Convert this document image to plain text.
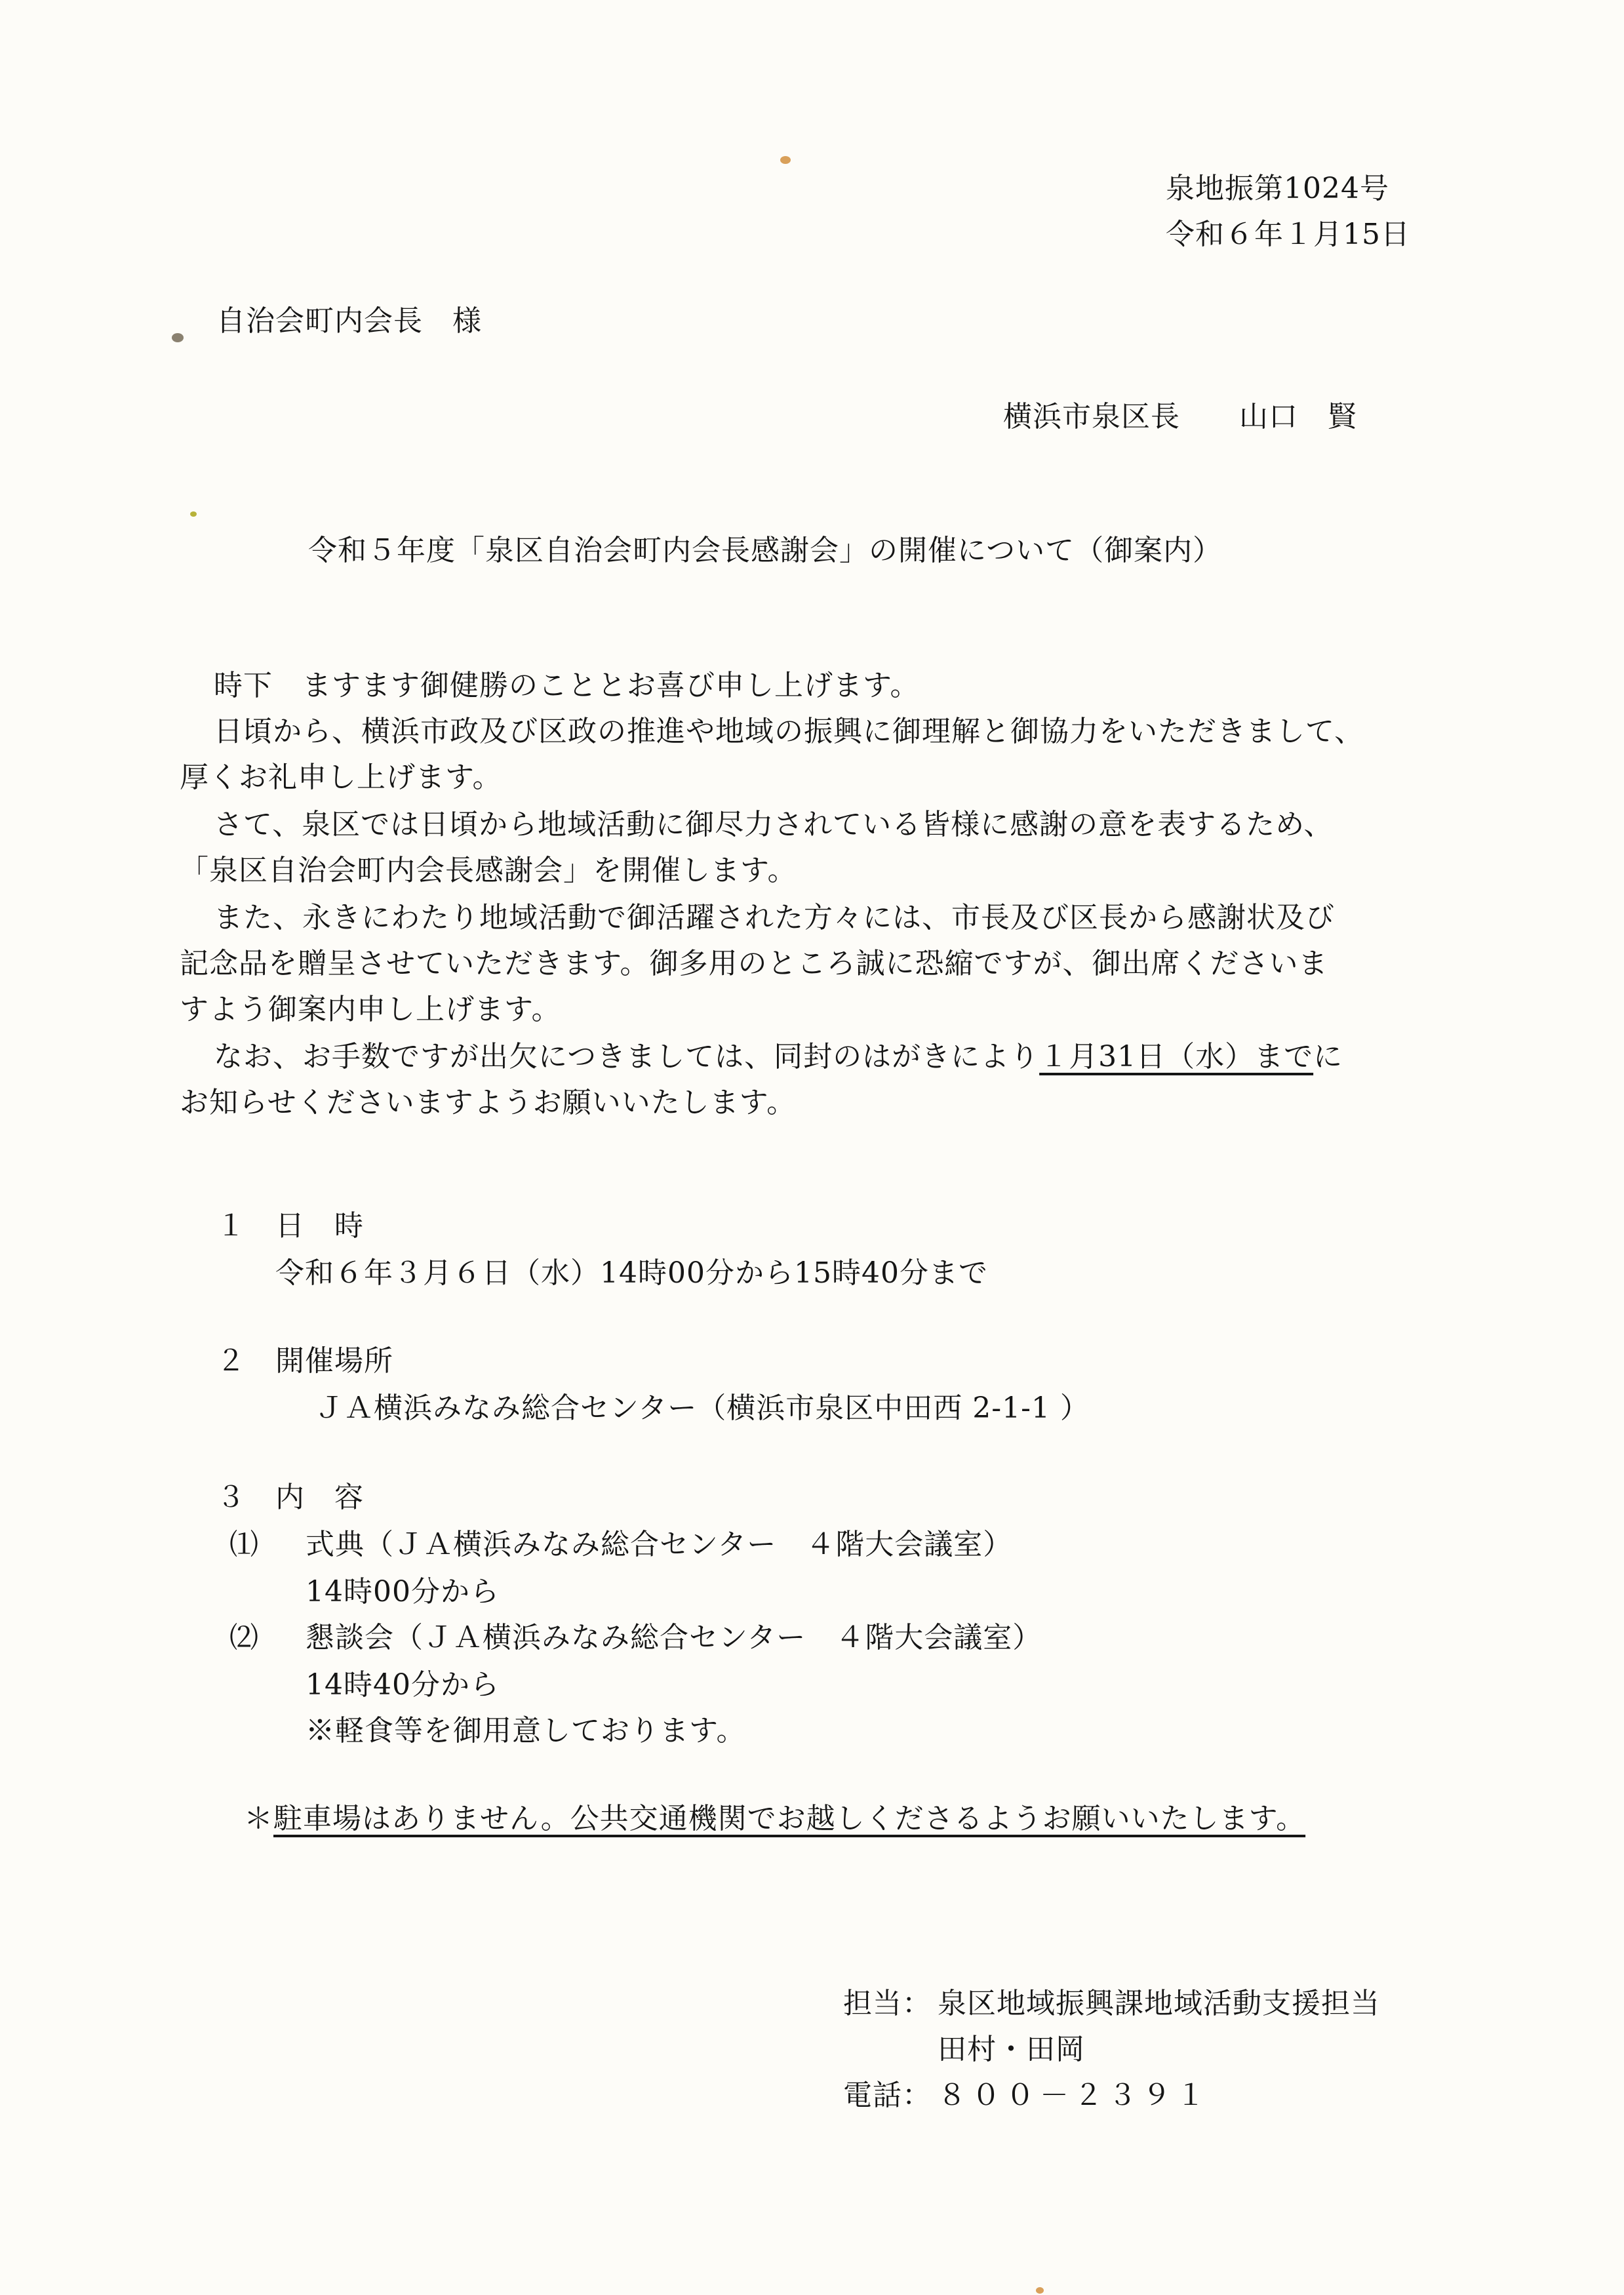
泉地振第1024号
令和６年１月15日
自治会町内会長　様
横浜市泉区長　　山口　賢
令和５年度「泉区自治会町内会長感謝会」の開催について（御案内）
時下　ますます御健勝のこととお喜び申し上げます。
日頃から、横浜市政及び区政の推進や地域の振興に御理解と御協力をいただきまして、
厚くお礼申し上げます。
さて、泉区では日頃から地域活動に御尽力されている皆様に感謝の意を表するため、
「泉区自治会町内会長感謝会」を開催します。
また、永きにわたり地域活動で御活躍された方々には、市長及び区長から感謝状及び
記念品を贈呈させていただきます。御多用のところ誠に恐縮ですが、御出席くださいま
すよう御案内申し上げます。
なお、お手数ですが出欠につきましては、同封のはがきにより１月31日（水）までに
お知らせくださいますようお願いいたします。
１ 日　時
令和６年３月６日（水）14時00分から15時40分まで
２ 開催場所
ＪＡ横浜みなみ総合センター（横浜市泉区中田西 2-1-1 ）
３ 内　容
⑴ 式典（ＪＡ横浜みなみ総合センター　４階大会議室）
14時00分から
⑵ 懇談会（ＪＡ横浜みなみ総合センター　４階大会議室）
14時40分から
※軽食等を御用意しております。
＊駐車場はありません。公共交通機関でお越しくださるようお願いいたします。
担当： 泉区地域振興課地域活動支援担当
田村・田岡
電話： ８００－２３９１
